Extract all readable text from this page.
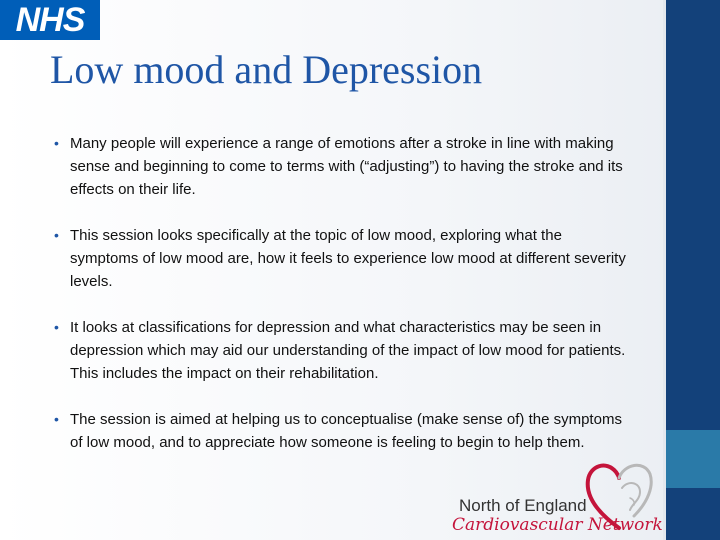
NHS
Low mood and Depression
• Many people will experience a range of emotions after a stroke in line with making sense and beginning to come to terms with (“adjusting”) to having the stroke and its effects on their life.
• This session looks specifically at the topic of low mood, exploring what the symptoms of low mood are, how it feels to experience low mood at different severity levels.
• It looks at classifications for depression and what characteristics may be seen in depression which may aid our understanding of the impact of low mood for patients. This includes the impact on their rehabilitation.
• The session is aimed at helping us to conceptualise (make sense of) the symptoms of low mood, and to appreciate how someone is feeling to begin to help them.
North of England
Cardiovascular Network
